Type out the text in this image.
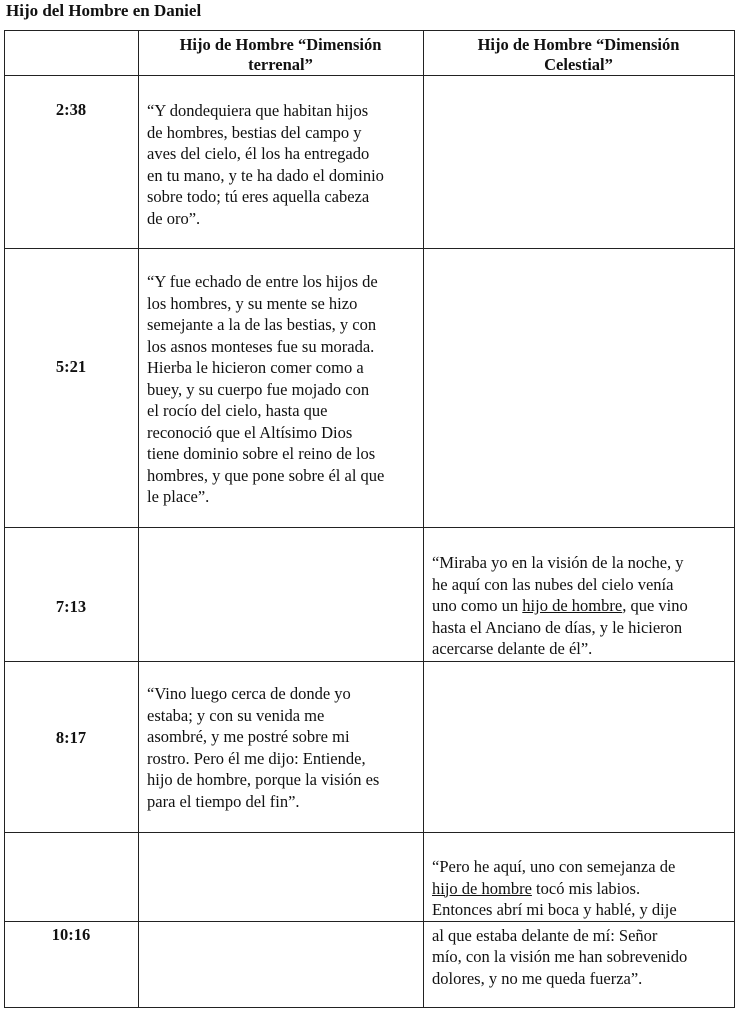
Hijo del Hombre en Daniel
Hijo de Hombre “Dimensión
terrenal”
Hijo de Hombre “Dimensión
Celestial”
2:38	“Y dondequiera que habitan hijos
de hombres, bestias del campo y
aves del cielo, él los ha entregado
en tu mano, y te ha dado el dominio
sobre todo; tú eres aquella cabeza
de oro”.
5:21
“Y fue echado de entre los hijos de
los hombres, y su mente se hizo
semejante a la de las bestias, y con
los asnos monteses fue su morada.
Hierba le hicieron comer como a
buey, y su cuerpo fue mojado con
el rocío del cielo, hasta que
reconoció que el Altísimo Dios
tiene dominio sobre el reino de los
hombres, y que pone sobre él al que
le place”.
7:13
“Miraba yo en la visión de la noche, y
he aquí con las nubes del cielo venía
uno como un hijo de hombre, que vino
hasta el Anciano de días, y le hicieron
acercarse delante de él”.
8:17
“Vino luego cerca de donde yo
estaba; y con su venida me
asombré, y me postré sobre mi
rostro. Pero él me dijo: Entiende,
hijo de hombre, porque la visión es
para el tiempo del fin”.
10:16
“Pero he aquí, uno con semejanza de
hijo de hombre tocó mis labios.
Entonces abrí mi boca y hablé, y dije
al que estaba delante de mí: Señor
mío, con la visión me han sobrevenido
dolores, y no me queda fuerza”.
